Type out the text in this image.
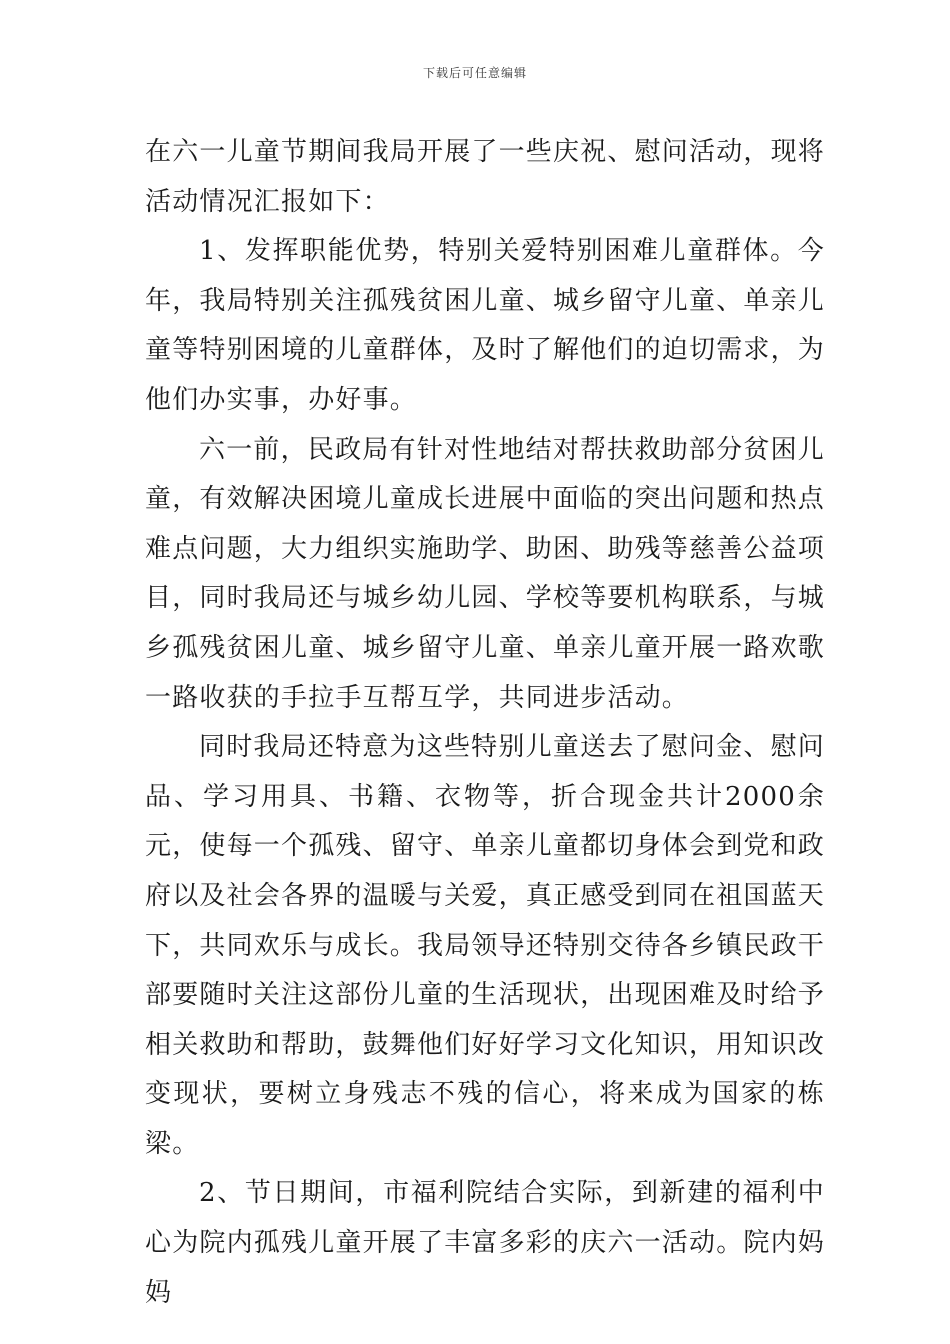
下载后可任意编辑

在六一儿童节期间我局开展了一些庆祝、慰问活动，现将活动情况汇报如下：

1、发挥职能优势，特别关爱特别困难儿童群体。今年，我局特别关注孤残贫困儿童、城乡留守儿童、单亲儿童等特别困境的儿童群体，及时了解他们的迫切需求，为他们办实事，办好事。

六一前，民政局有针对性地结对帮扶救助部分贫困儿童，有效解决困境儿童成长进展中面临的突出问题和热点难点问题，大力组织实施助学、助困、助残等慈善公益项目，同时我局还与城乡幼儿园、学校等要机构联系，与城乡孤残贫困儿童、城乡留守儿童、单亲儿童开展一路欢歌一路收获的手拉手互帮互学，共同进步活动。

同时我局还特意为这些特别儿童送去了慰问金、慰问品、学习用具、书籍、衣物等，折合现金共计2000余元，使每一个孤残、留守、单亲儿童都切身体会到党和政府以及社会各界的温暖与关爱，真正感受到同在祖国蓝天下，共同欢乐与成长。我局领导还特别交待各乡镇民政干部要随时关注这部份儿童的生活现状，出现困难及时给予相关救助和帮助，鼓舞他们好好学习文化知识，用知识改变现状，要树立身残志不残的信心，将来成为国家的栋梁。

2、节日期间，市福利院结合实际，到新建的福利中心为院内孤残儿童开展了丰富多彩的庆六一活动。院内妈妈
